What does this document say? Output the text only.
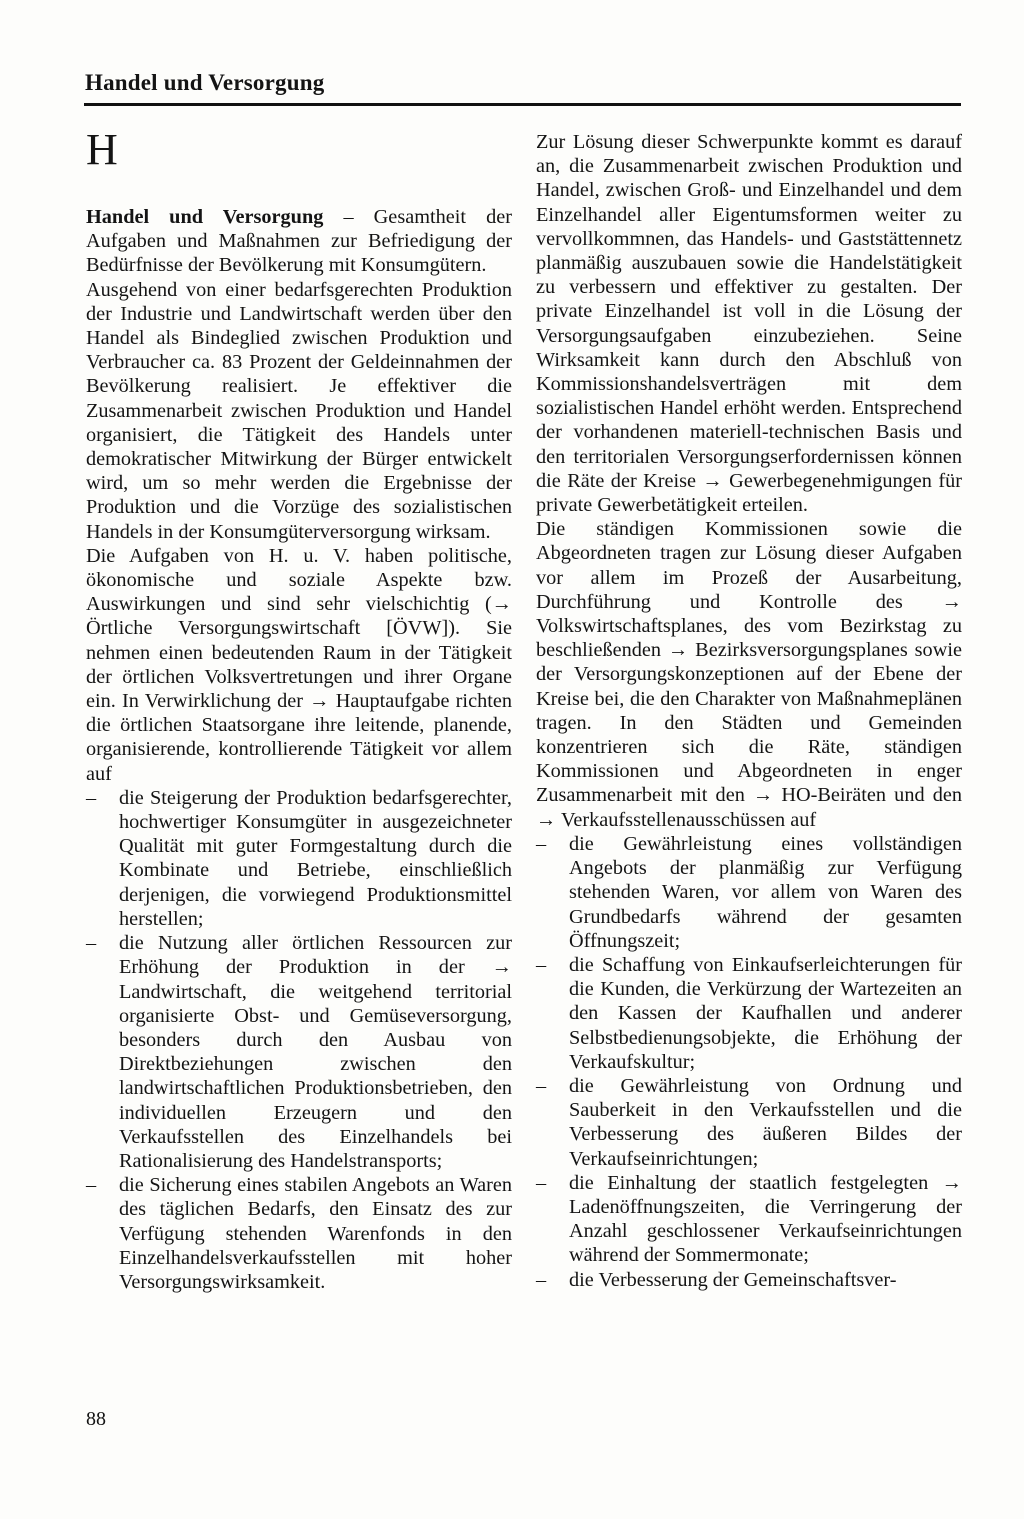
Handel und Versorgung
H

Handel und Versorgung – Gesamtheit der Aufgaben und Maßnahmen zur Befriedigung der Bedürfnisse der Bevölkerung mit Konsumgütern.

Ausgehend von einer bedarfsgerechten Produktion der Industrie und Landwirtschaft werden über den Handel als Bindeglied zwischen Produktion und Verbraucher ca. 83 Prozent der Geldeinnahmen der Bevölkerung realisiert. Je effektiver die Zusammenarbeit zwischen Produktion und Handel organisiert, die Tätigkeit des Handels unter demokratischer Mitwirkung der Bürger entwickelt wird, um so mehr werden die Ergebnisse der Produktion und die Vorzüge des sozialistischen Handels in der Konsumgüterversorgung wirksam.

Die Aufgaben von H. u. V. haben politische, ökonomische und soziale Aspekte bzw. Auswirkungen und sind sehr vielschichtig (→ Örtliche Versorgungswirtschaft [ÖVW]). Sie nehmen einen bedeutenden Raum in der Tätigkeit der örtlichen Volksvertretungen und ihrer Organe ein. In Verwirklichung der → Hauptaufgabe richten die örtlichen Staatsorgane ihre leitende, planende, organisierende, kontrollierende Tätigkeit vor allem auf

– die Steigerung der Produktion bedarfsgerechter, hochwertiger Konsumgüter in ausgezeichneter Qualität mit guter Formgestaltung durch die Kombinate und Betriebe, einschließlich derjenigen, die vorwiegend Produktionsmittel herstellen;
– die Nutzung aller örtlichen Ressourcen zur Erhöhung der Produktion in der → Landwirtschaft, die weitgehend territorial organisierte Obst- und Gemüseversorgung, besonders durch den Ausbau von Direktbeziehungen zwischen den landwirtschaftlichen Produktionsbetrieben, den individuellen Erzeugern und den Verkaufsstellen des Einzelhandels bei Rationalisierung des Handelstransports;
– die Sicherung eines stabilen Angebots an Waren des täglichen Bedarfs, den Einsatz des zur Verfügung stehenden Warenfonds in den Einzelhandelsverkaufsstellen mit hoher Versorgungswirksamkeit.

Zur Lösung dieser Schwerpunkte kommt es darauf an, die Zusammenarbeit zwischen Produktion und Handel, zwischen Groß- und Einzelhandel und dem Einzelhandel aller Eigentumsformen weiter zu vervollkommnen, das Handels- und Gaststättennetz planmäßig auszubauen sowie die Handelstätigkeit zu verbessern und effektiver zu gestalten. Der private Einzelhandel ist voll in die Lösung der Versorgungsaufgaben einzubeziehen. Seine Wirksamkeit kann durch den Abschluß von Kommissionshandelsverträgen mit dem sozialistischen Handel erhöht werden. Entsprechend der vorhandenen materiell-technischen Basis und den territorialen Versorgungserfordernissen können die Räte der Kreise → Gewerbegenehmigungen für private Gewerbetätigkeit erteilen.

Die ständigen Kommissionen sowie die Abgeordneten tragen zur Lösung dieser Aufgaben vor allem im Prozeß der Ausarbeitung, Durchführung und Kontrolle des → Volkswirtschaftsplanes, des vom Bezirkstag zu beschließenden → Bezirksversorgungsplanes sowie der Versorgungskonzeptionen auf der Ebene der Kreise bei, die den Charakter von Maßnahmeplänen tragen. In den Städten und Gemeinden konzentrieren sich die Räte, ständigen Kommissionen und Abgeordneten in enger Zusammenarbeit mit den → HO-Beiräten und den → Verkaufsstellenausschüssen auf

– die Gewährleistung eines vollständigen Angebots der planmäßig zur Verfügung stehenden Waren, vor allem von Waren des Grundbedarfs während der gesamten Öffnungszeit;
– die Schaffung von Einkaufserleichterungen für die Kunden, die Verkürzung der Wartezeiten an den Kassen der Kaufhallen und anderer Selbstbedienungsobjekte, die Erhöhung der Verkaufskultur;
– die Gewährleistung von Ordnung und Sauberkeit in den Verkaufsstellen und die Verbesserung des äußeren Bildes der Verkaufseinrichtungen;
– die Einhaltung der staatlich festgelegten → Ladenöffnungszeiten, die Verringerung der Anzahl geschlossener Verkaufseinrichtungen während der Sommermonate;
– die Verbesserung der Gemeinschaftsver-
88
